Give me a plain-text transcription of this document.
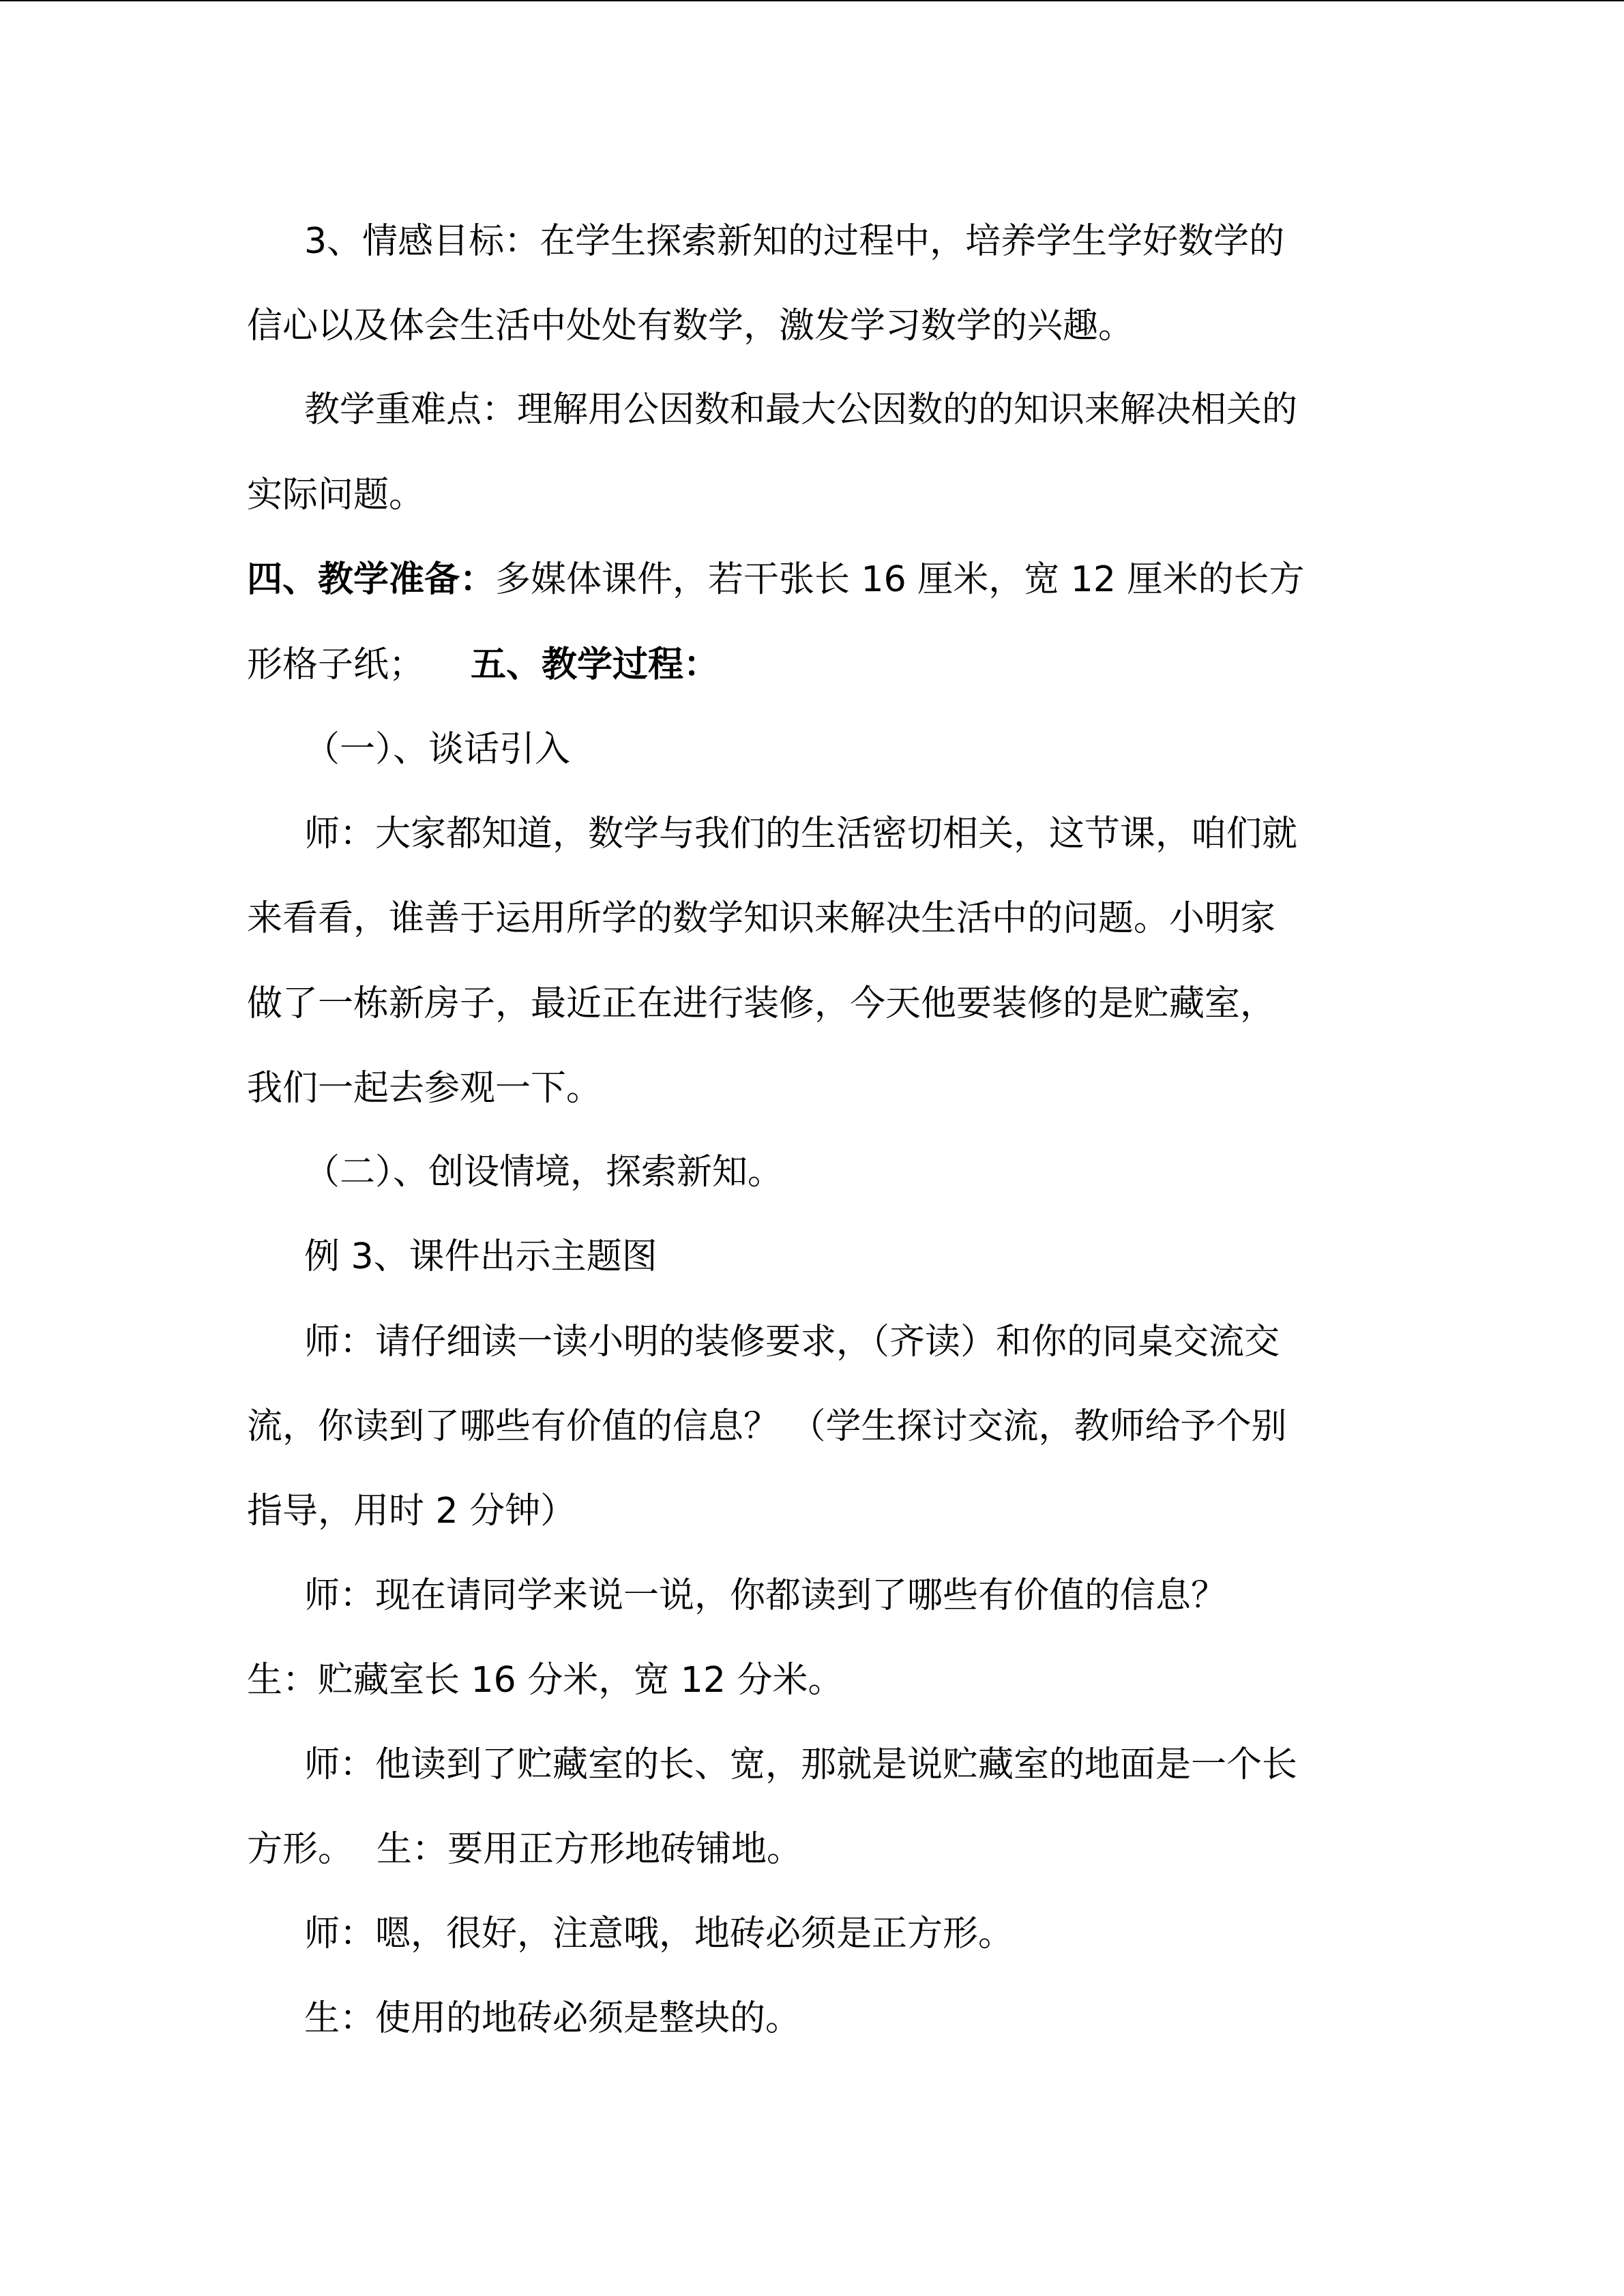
3、情感目标：在学生探索新知的过程中，培养学生学好数学的

信心以及体会生活中处处有数学，激发学习数学的兴趣。

教学重难点：理解用公因数和最大公因数的的知识来解决相关的

实际问题。

四、教学准备：多媒体课件，若干张长 16 厘米，宽 12 厘米的长方

形格子纸； 五、教学过程：

（一）、谈话引入

师：大家都知道，数学与我们的生活密切相关，这节课，咱们就

来看看，谁善于运用所学的数学知识来解决生活中的问题。小明家

做了一栋新房子，最近正在进行装修，今天他要装修的是贮藏室，

我们一起去参观一下。

（二）、创设情境，探索新知。

例 3、课件出示主题图

师：请仔细读一读小明的装修要求，（齐读）和你的同桌交流交

流，你读到了哪些有价值的信息？ （学生探讨交流，教师给予个别

指导，用时 2 分钟）

师：现在请同学来说一说，你都读到了哪些有价值的信息？

生：贮藏室长 16 分米，宽 12 分米。

师：他读到了贮藏室的长、宽，那就是说贮藏室的地面是一个长

方形。 生：要用正方形地砖铺地。

师：嗯，很好，注意哦，地砖必须是正方形。

生：使用的地砖必须是整块的。
